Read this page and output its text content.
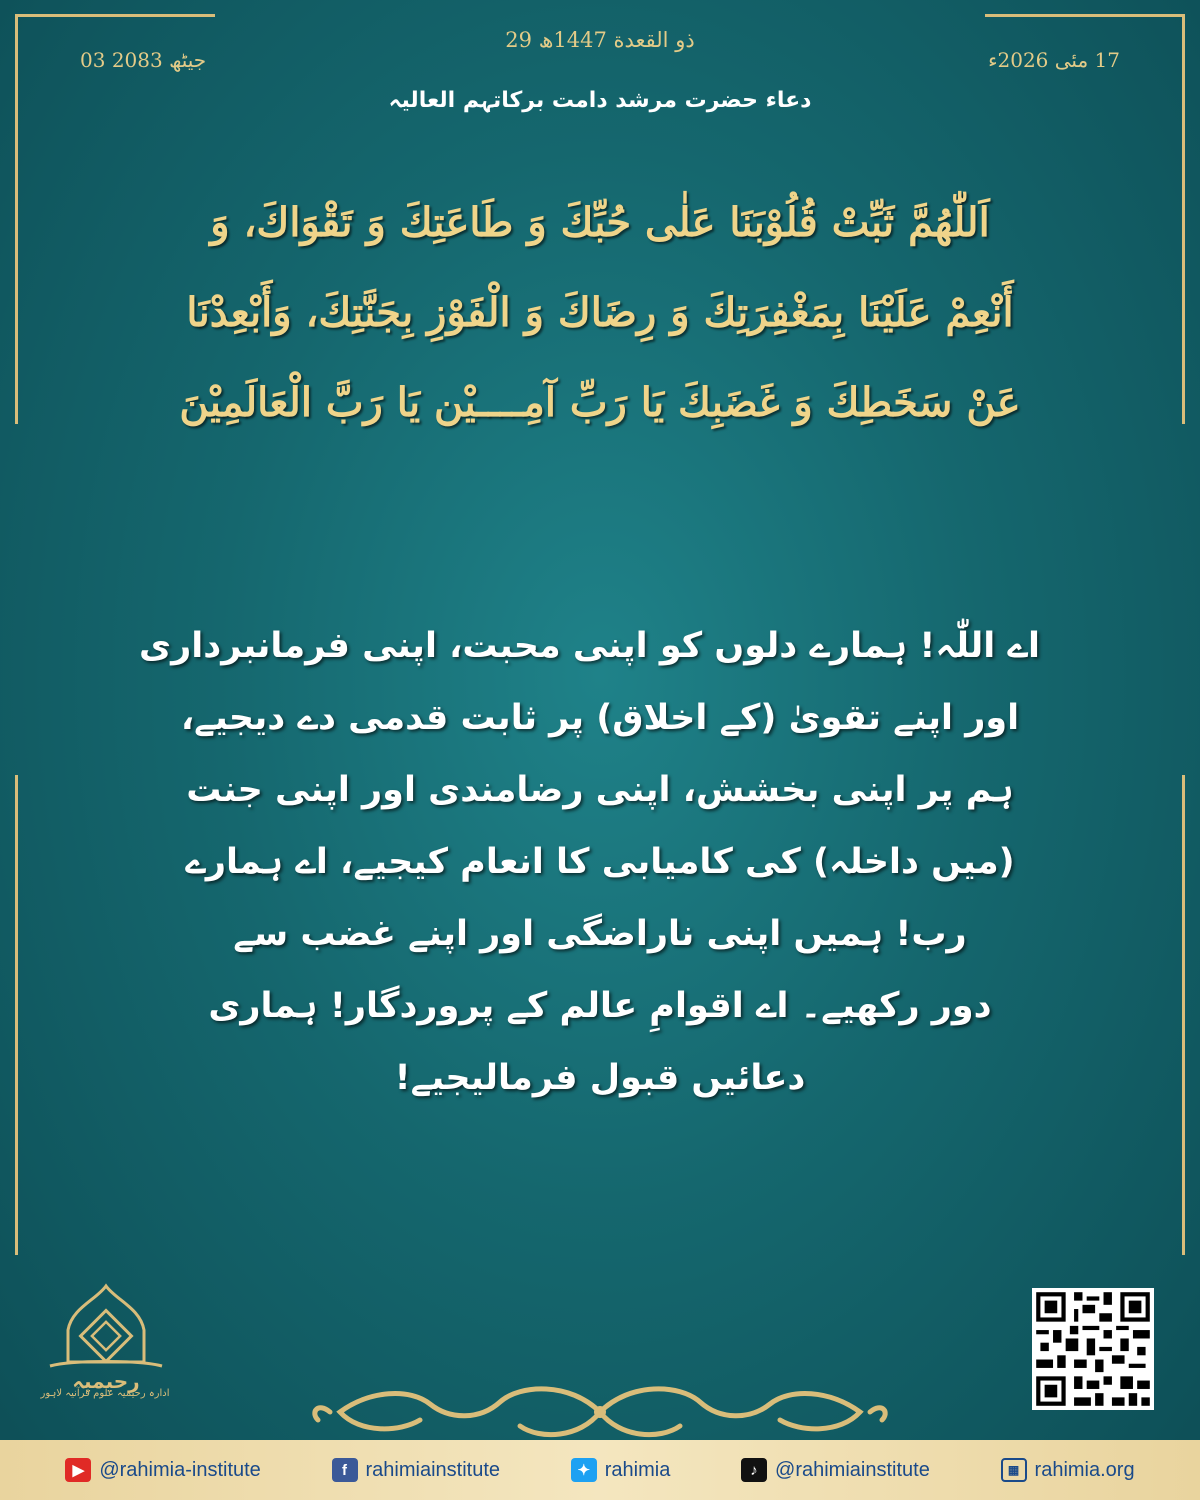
29 ذو القعدة 1447ھ
03 جیٹھ 2083	17 مئی 2026ء
دعاء حضرت مرشد دامت برکاتہم العالیہ
اَللّٰهُمَّ ثَبِّتْ قُلُوْبَنَا عَلٰى حُبِّكَ وَ طَاعَتِكَ وَ تَقْوَاكَ، وَ
أَنْعِمْ عَلَيْنَا بِمَغْفِرَتِكَ وَ رِضَاكَ وَ الْفَوْزِ بِجَنَّتِكَ، وَأَبْعِدْنَا
عَنْ سَخَطِكَ وَ غَضَبِكَ يَا رَبِّ آمِــــيْن يَا رَبَّ الْعَالَمِيْنَ
اے اللّٰہ! ہمارے دلوں کو اپنی محبت، اپنی فرمانبرداری
اور اپنے تقویٰ (کے اخلاق) پر ثابت قدمی دے دیجیے،
ہم پر اپنی بخشش، اپنی رضامندی اور اپنی جنت
(میں داخلہ) کی کامیابی کا انعام کیجیے، اے ہمارے
رب! ہمیں اپنی ناراضگی اور اپنے غضب سے
دور رکھیے۔ اے اقوامِ عالم کے پروردگار! ہماری
دعائیں قبول فرمالیجیے!
رحیمیہ
ادارہ رحیمیہ علوم قرآنیہ لاہور
▶ @rahimia-institute	f rahimiainstitute	✦ rahimia	♪ @rahimiainstitute	▦ rahimia.org
